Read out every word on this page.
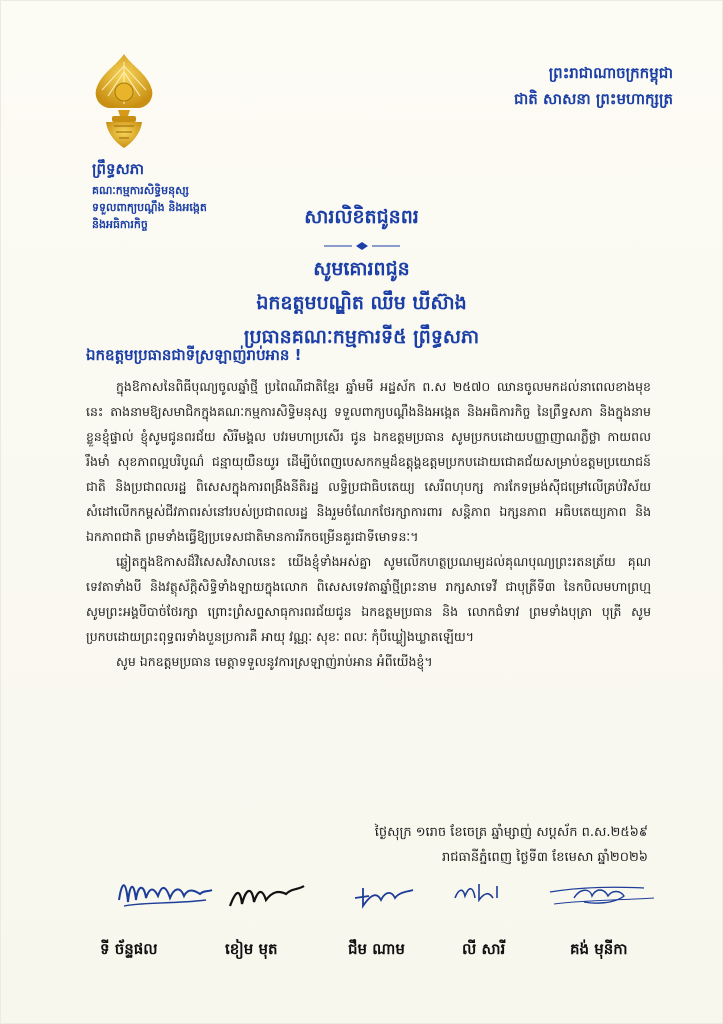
ព្រឹទ្ធសភា
គណៈកម្មការសិទ្ធិមនុស្ស
ទទួលពាក្យបណ្តឹង និងអង្កេត
និងអធិការកិច្ច
ព្រះរាជាណាចក្រកម្ពុជា
ជាតិ សាសនា ព្រះមហាក្សត្រ
សារលិខិតជូនពរ
សូមគោរពជូន
ឯកឧត្តមបណ្ឌិត ឈឹម ឃីស៊ាង
ប្រធានគណៈកម្មការទី៥ ព្រឹទ្ធសភា
ឯកឧត្តមប្រធានជាទីស្រឡាញ់រាប់អាន !

ក្នុងឱកាសនៃពិធីបុណ្យចូលឆ្នាំថ្មី ប្រពៃណីជាតិខ្មែរ ឆ្នាំមមី អដ្ឋស័ក ព.ស ២៥៧០ ឈានចូលមកដល់នាពេលខាងមុខនេះ តាងនាមឱ្យសមាជិកក្នុងគណៈកម្មការសិទ្ធិមនុស្ស ទទួលពាក្យបណ្តឹងនិងអង្កេត និងអធិការកិច្ច នៃព្រឹទ្ធសភា និងក្នុងនាមខ្លួនខ្ញុំផ្ទាល់ ខ្ញុំសូមជូនពរជ័យ សិរីមង្គល បវរមហាប្រសើរ ជូន ឯកឧត្តមប្រធាន សូមប្រកបដោយបញ្ញាញាណភ្លឺថ្លា កាយពលរឹងមាំ សុខភាពល្អបរិបូណ៌ ជន្មាយុយឺនយូរ ដើម្បីបំពេញបេសកកម្មដ៏ឧត្តុង្គឧត្តមប្រកបដោយជោគជ័យសម្រាប់ឧត្តមប្រយោជន៍ជាតិ និងប្រជាពលរដ្ឋ ពិសេសក្នុងការពង្រឹងនីតិរដ្ឋ លទ្ធិប្រជាធិបតេយ្យ សេរីពហុបក្ស ការកែទម្រង់ស៊ីជម្រៅលើគ្រប់វិស័យ សំដៅលើកកម្ពស់ជីវភាពរស់នៅរបស់ប្រជាពលរដ្ឋ និងរួមចំណែកថែរក្សាការពារ សន្តិភាព ឯក្សនភាព អធិបតេយ្យភាព និងឯកភាពជាតិ ព្រមទាំងធ្វើឱ្យប្រទេសជាតិមានការរីកចម្រើនគួរជាទីមោទនៈ។

ឆ្លៀតក្នុងឱកាសដ៏វិសេសវិសាលនេះ យើងខ្ញុំទាំងអស់គ្នា សូមលើកហត្ថប្រណម្យដល់គុណបុណ្យព្រះរតនត្រ័យ គុណទេវតាទាំងបី និងវត្ថុស័ក្តិសិទ្ធិទាំងឡាយក្នុងលោក ពិសេសទេវតាឆ្នាំថ្មីព្រះនាម រាក្សសាទេវី ជាបុត្រីទី៣ នៃកបិលមហាព្រហ្ម សូមព្រះអង្គបីបាច់ថែរក្សា ព្រោះព្រំសព្ទសាធុការពរជ័យជូន ឯកឧត្តមប្រធាន និង លោកជំទាវ ព្រមទាំងបុត្រា បុត្រី សូមប្រកបដោយព្រះពុទ្ធពរទាំងបួនប្រការគឺ អាយុ វណ្ណៈ សុខៈ ពលៈ កុំបីឃ្លៀងឃ្លាតឡើយ។

សូម ឯកឧត្តមប្រធាន មេត្តាទទួលនូវការស្រឡាញ់រាប់អាន អំពីយើងខ្ញុំ។

ថ្ងៃសុក្រ ១រោច ខែចេត្រ ឆ្នាំម្សាញ់ សប្តស័ក ព.ស.២៥៦៩
រាជធានីភ្នំពេញ ថ្ងៃទី៣ ខែមេសា ឆ្នាំ២០២៦
ទី ច័ន្ទផល	ខៀម មុត	ជឹម ណាម	លី សារី	គង់ មុនីកា
